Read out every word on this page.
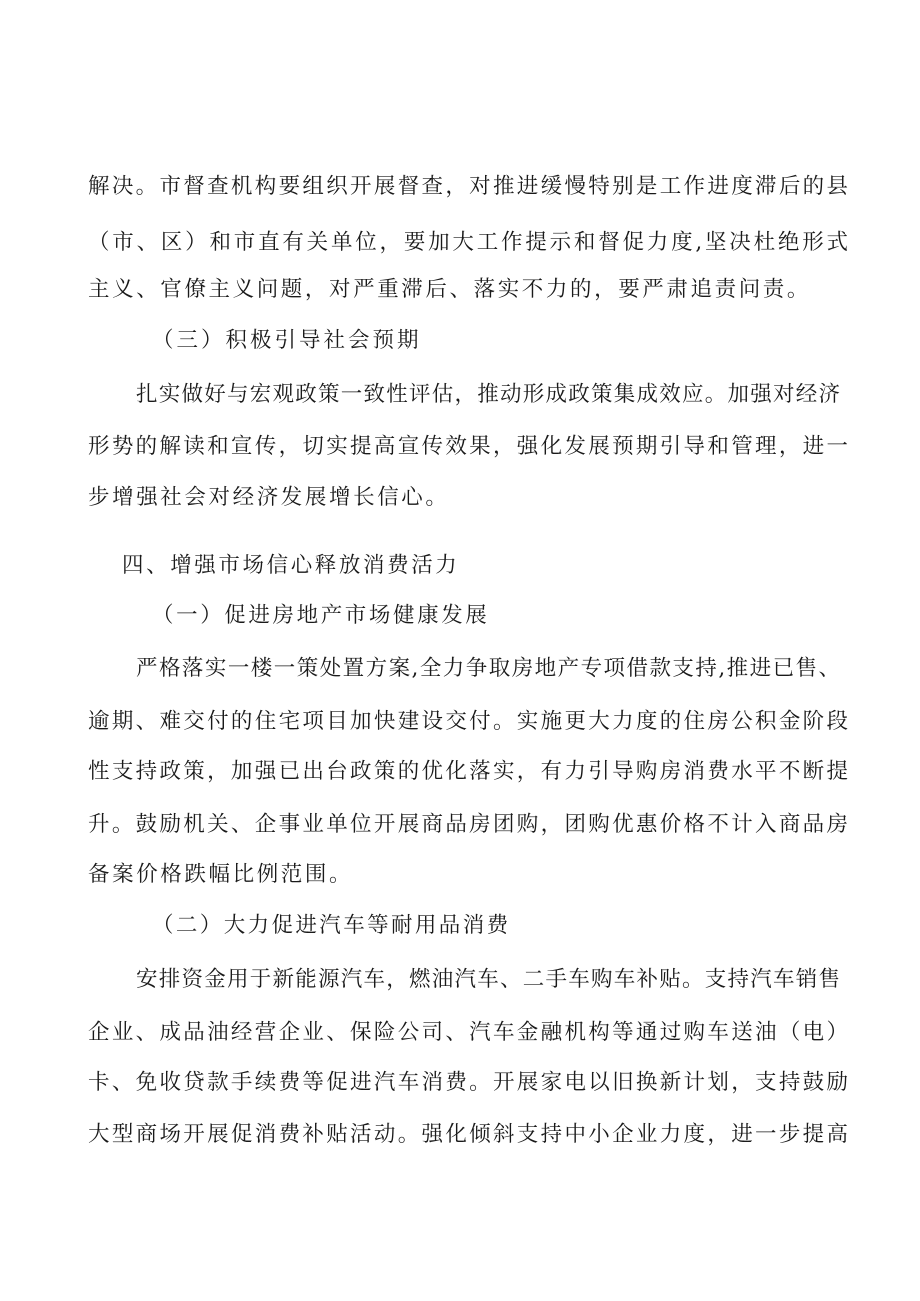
解决。市督查机构要组织开展督查，对推进缓慢特别是工作进度滞后的县
（市、区）和市直有关单位，要加大工作提示和督促力度,坚决杜绝形式
主义、官僚主义问题，对严重滞后、落实不力的，要严肃追责问责。
（三）积极引导社会预期
扎实做好与宏观政策一致性评估，推动形成政策集成效应。加强对经济
形势的解读和宣传，切实提高宣传效果，强化发展预期引导和管理，进一
步增强社会对经济发展增长信心。
四、增强市场信心释放消费活力
（一）促进房地产市场健康发展
严格落实一楼一策处置方案,全力争取房地产专项借款支持,推进已售、
逾期、难交付的住宅项目加快建设交付。实施更大力度的住房公积金阶段
性支持政策，加强已出台政策的优化落实，有力引导购房消费水平不断提
升。鼓励机关、企事业单位开展商品房团购，团购优惠价格不计入商品房
备案价格跌幅比例范围。
（二）大力促进汽车等耐用品消费
安排资金用于新能源汽车，燃油汽车、二手车购车补贴。支持汽车销售
企业、成品油经营企业、保险公司、汽车金融机构等通过购车送油（电）
卡、免收贷款手续费等促进汽车消费。开展家电以旧换新计划，支持鼓励
大型商场开展促消费补贴活动。强化倾斜支持中小企业力度，进一步提高
